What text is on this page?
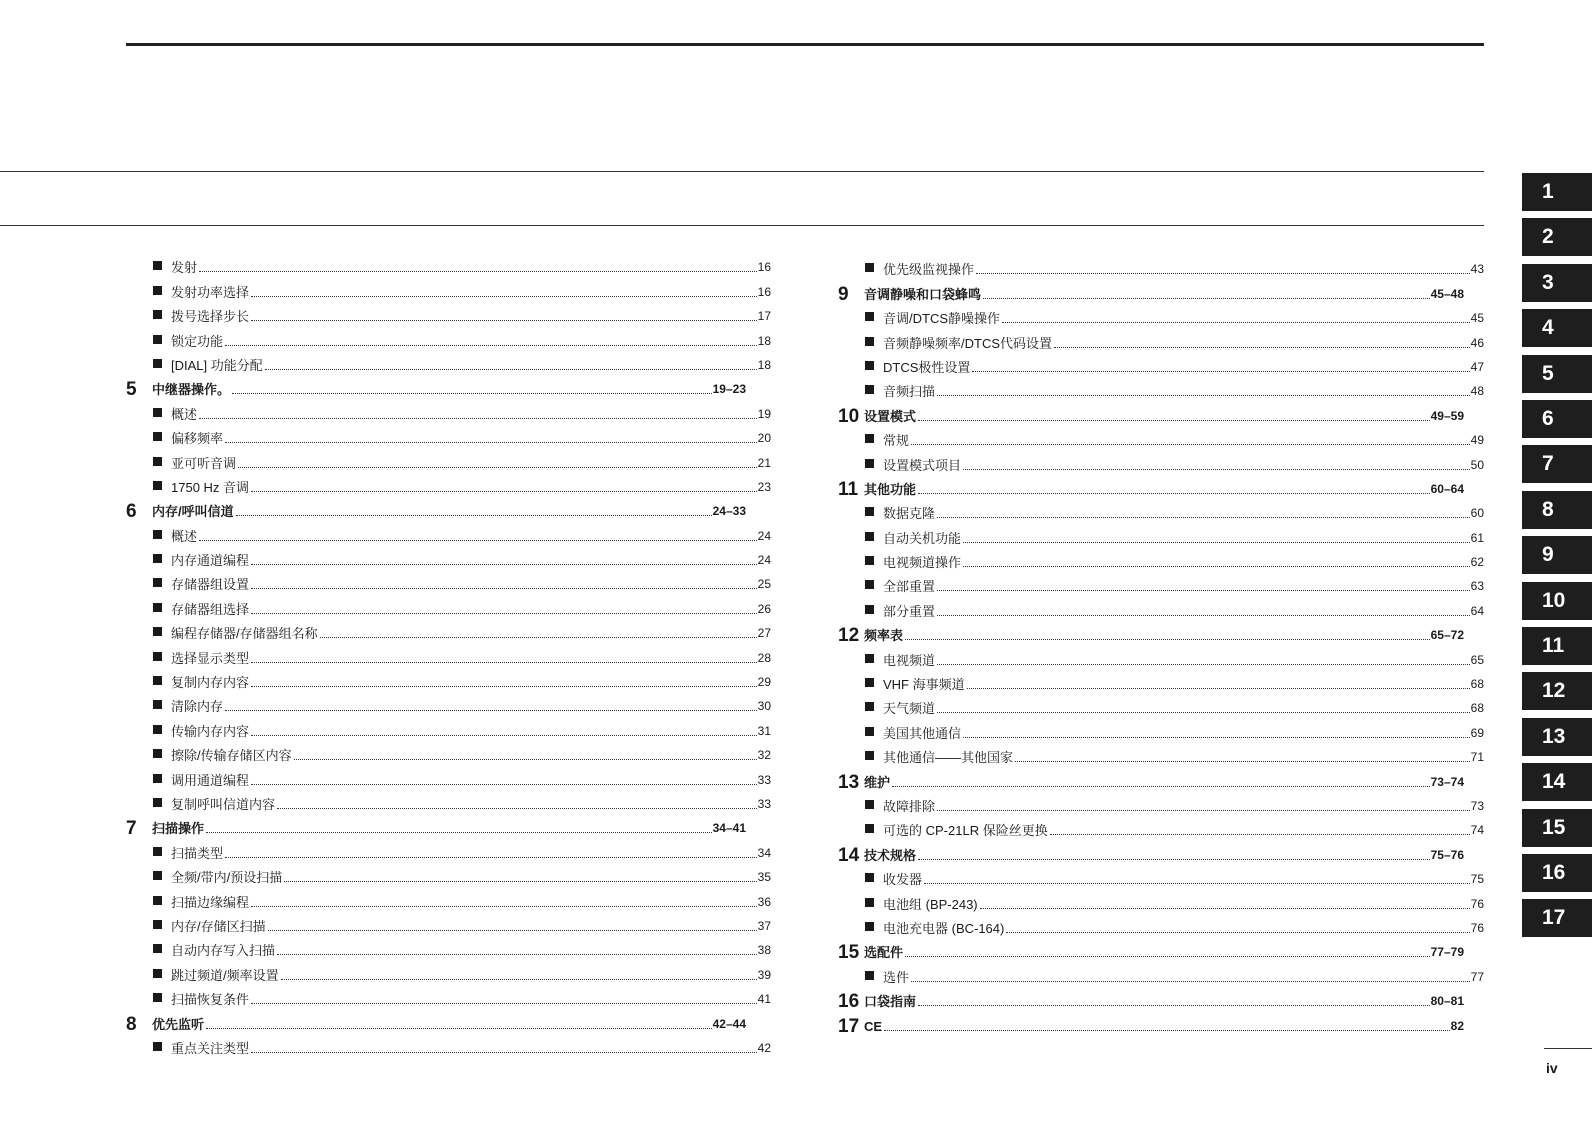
发射	16
发射功率选择	16
拨号选择步长	17
锁定功能	18
[DIAL] 功能分配	18
5	中继器操作。	19–23
概述	19
偏移频率	20
亚可听音调	21
1750 Hz 音调	23
6	内存/呼叫信道	24–33
概述	24
内存通道编程	24
存储器组设置	25
存储器组选择	26
编程存储器/存储器组名称	27
选择显示类型	28
复制内存内容	29
清除内存	30
传输内存内容	31
擦除/传输存储区内容	32
调用通道编程	33
复制呼叫信道内容	33
7	扫描操作	34–41
扫描类型	34
全频/带内/预设扫描	35
扫描边缘编程	36
内存/存储区扫描	37
自动内存写入扫描	38
跳过频道/频率设置	39
扫描恢复条件	41
8	优先监听	42–44
重点关注类型	42
优先级监视操作	43
9	音调静噪和口袋蜂鸣	45–48
音调/DTCS静噪操作	45
音频静噪频率/DTCS代码设置	46
DTCS极性设置	47
音频扫描	48
10 设置模式	49–59
常规	49
设置模式项目	50
11 其他功能	60–64
数据克隆	60
自动关机功能	61
电视频道操作	62
全部重置	63
部分重置	64
12 频率表	65–72
电视频道	65
VHF 海事频道	68
天气频道	68
美国其他通信	69
其他通信——其他国家	71
13 维护	73–74
故障排除	73
可选的 CP-21LR 保险丝更换	74
14 技术规格	75–76
收发器	75
电池组 (BP-243)	76
电池充电器 (BC-164)	76
15 选配件	77–79
选件	77
16 口袋指南	80–81
17 CE	82
1
2
3
4
5
6
7
8
9
10
11
12
13
14
15
16
17
iv
